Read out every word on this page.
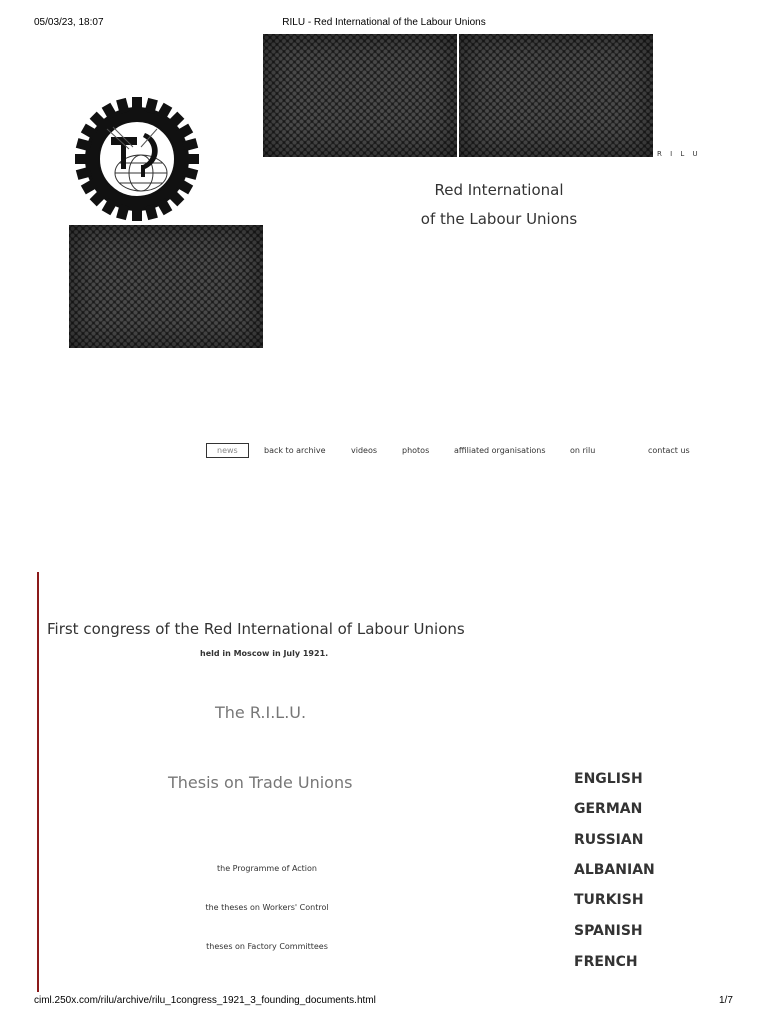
05/03/23, 18:07	RILU - Red International of the Labour Unions
R I L U
Red International
of the Labour Unions
news	back to archive	videos	photos	affiliated organisations	on rilu	contact us
First congress of the Red International of Labour Unions
held in Moscow in July 1921.
The R.I.L.U.
Thesis on Trade Unions
the Programme of Action
the theses on Workers' Control
theses on Factory Committees
ENGLISH
GERMAN
RUSSIAN
ALBANIAN
TURKISH
SPANISH
FRENCH
ciml.250x.com/rilu/archive/rilu_1congress_1921_3_founding_documents.html	1/7
